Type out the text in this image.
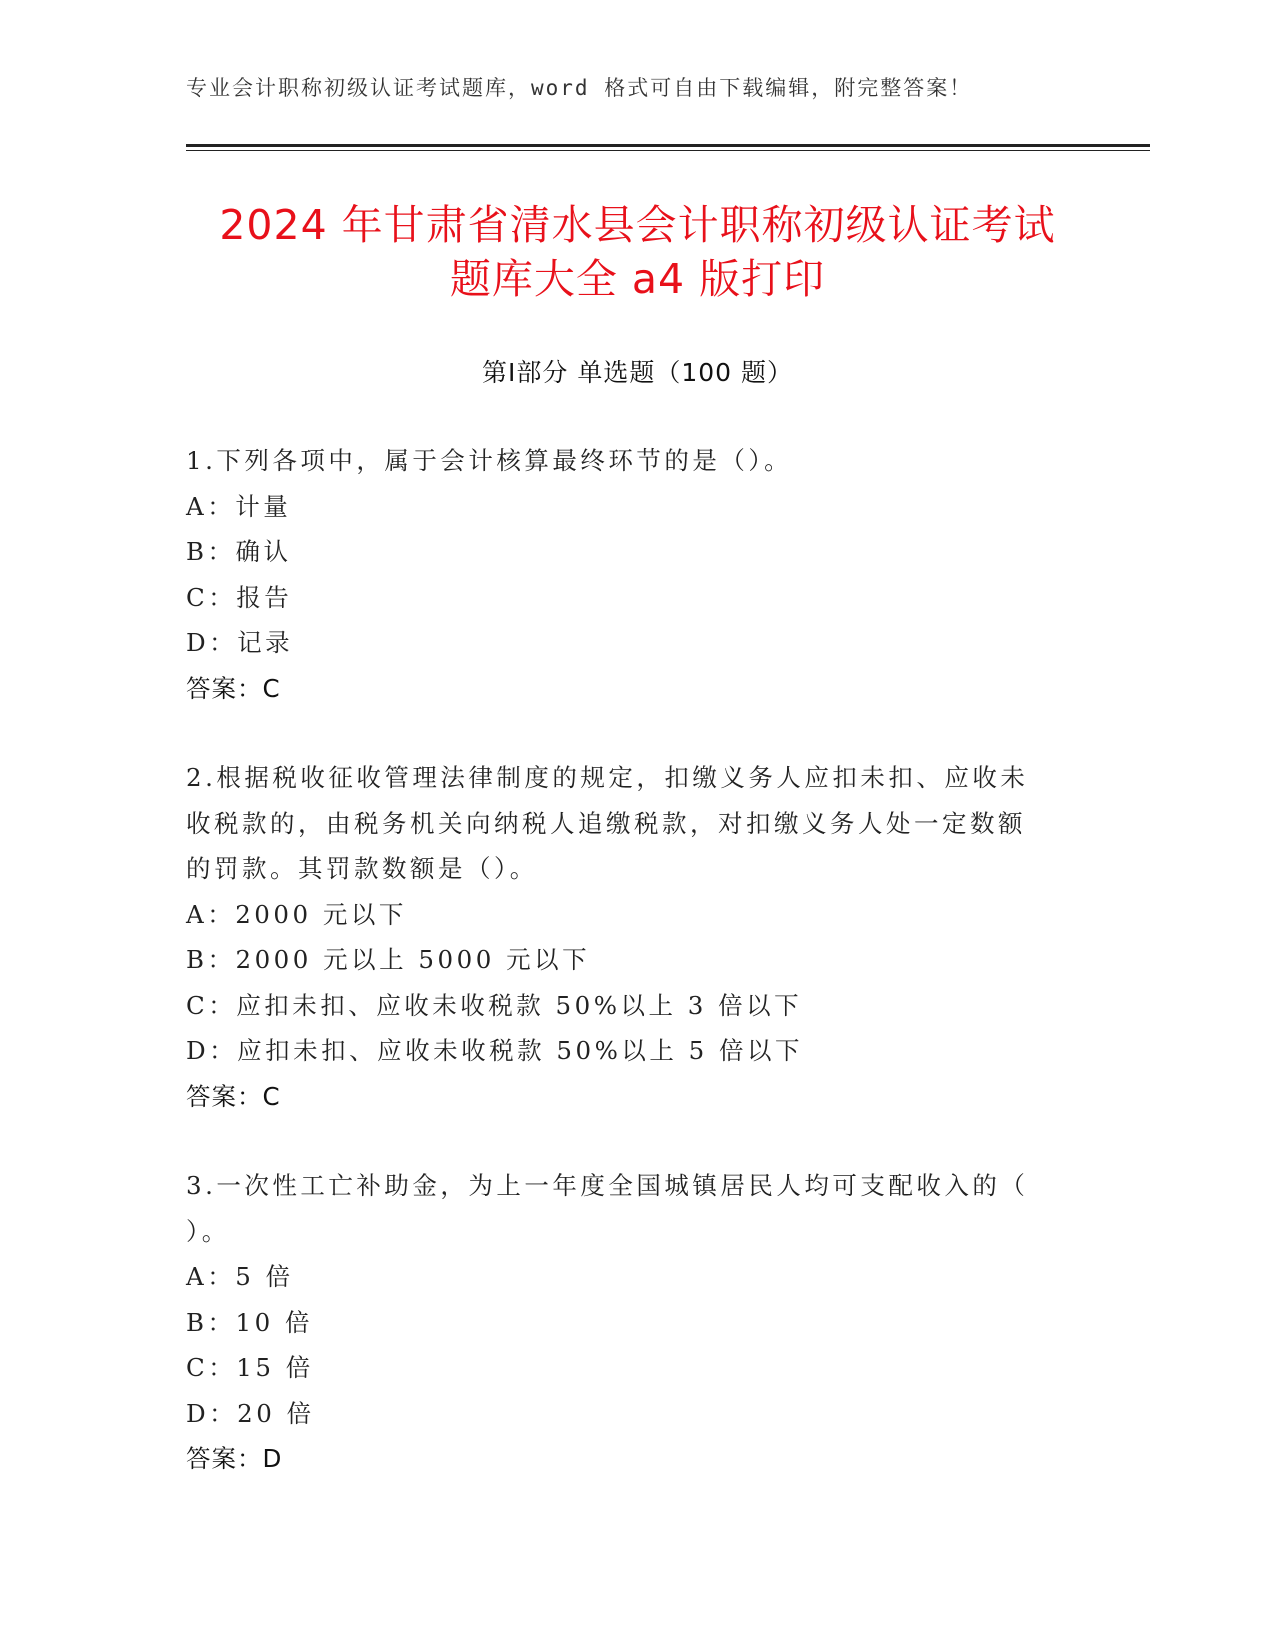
专业会计职称初级认证考试题库，word 格式可自由下载编辑，附完整答案！
2024 年甘肃省清水县会计职称初级认证考试
题库大全 a4 版打印
第Ⅰ部分 单选题（100 题）
1.下列各项中，属于会计核算最终环节的是（）。
A：计量
B：确认
C：报告
D：记录
答案：C
2.根据税收征收管理法律制度的规定，扣缴义务人应扣未扣、应收未
收税款的，由税务机关向纳税人追缴税款，对扣缴义务人处一定数额
的罚款。其罚款数额是（）。
A：2000 元以下
B：2000 元以上 5000 元以下
C：应扣未扣、应收未收税款 50%以上 3 倍以下
D：应扣未扣、应收未收税款 50%以上 5 倍以下
答案：C
3.一次性工亡补助金，为上一年度全国城镇居民人均可支配收入的（
）。
A：5 倍
B：10 倍
C：15 倍
D：20 倍
答案：D
